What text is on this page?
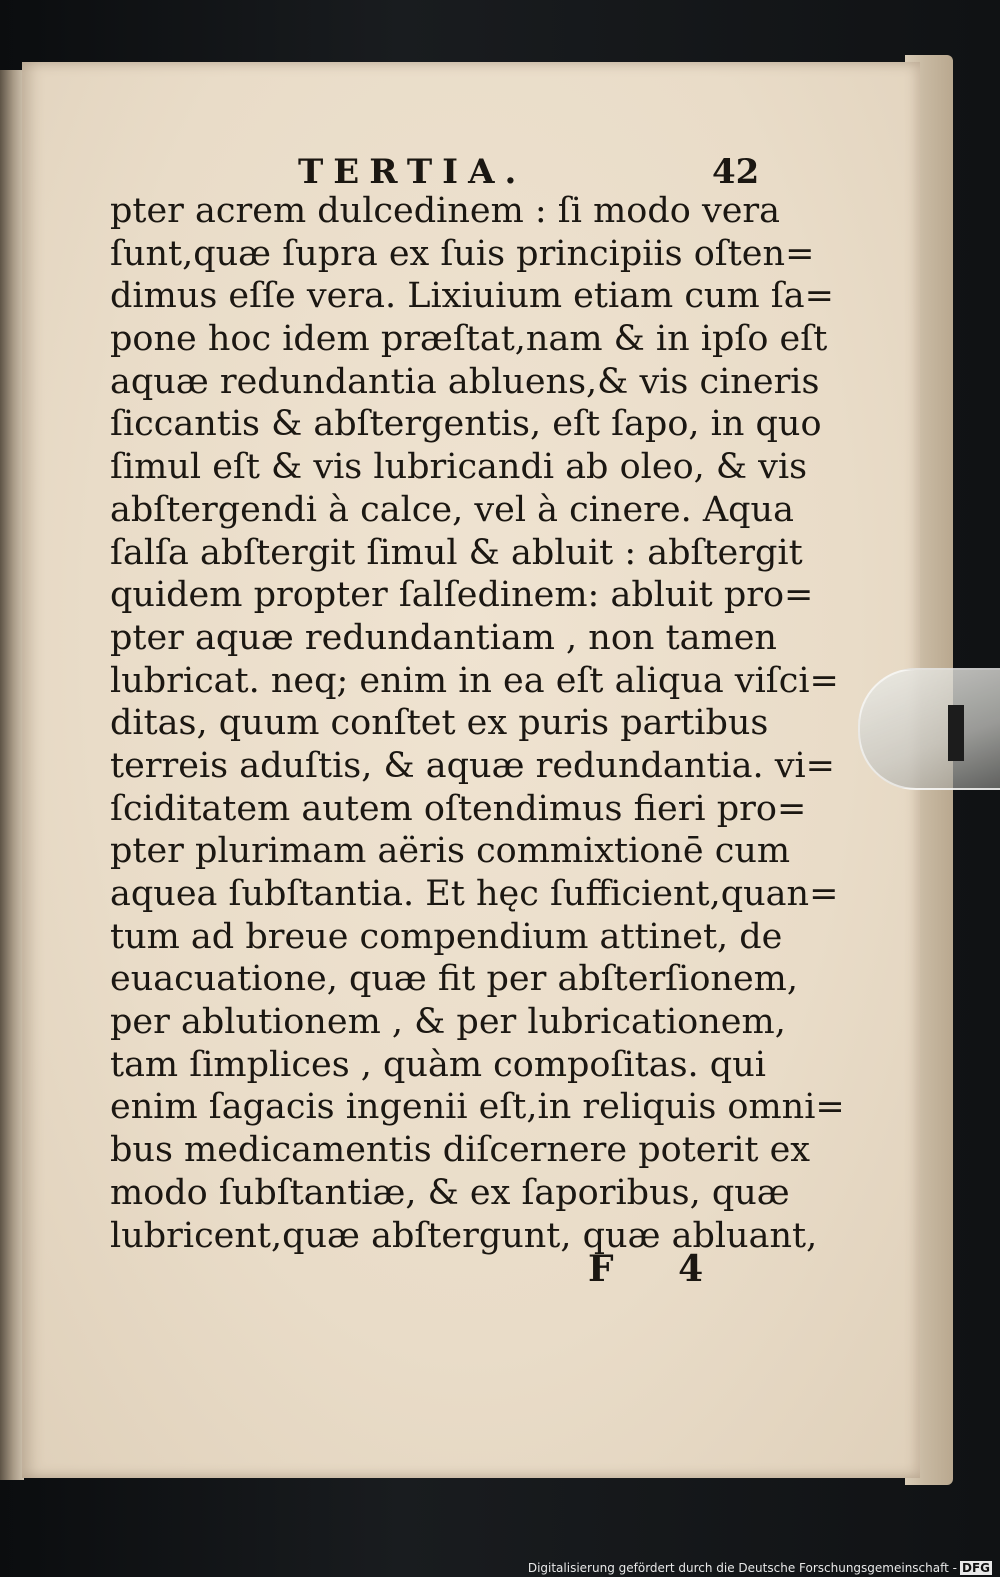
TERTIA.	42
pter acrem dulcedinem : ſi modo vera
ſunt,quæ ſupra ex ſuis principiis oſten=
dimus eſſe vera. Lixiuium etiam cum ſa=
pone hoc idem præſtat,nam & in ipſo eſt
aquæ redundantia abluens,& vis cineris
ſiccantis & abſtergentis, eſt ſapo, in quo
ſimul eſt & vis lubricandi ab oleo, & vis
abſtergendi à calce, vel à cinere. Aqua
ſalſa abſtergit ſimul & abluit : abſtergit
quidem propter ſalſedinem: abluit pro=
pter aquæ redundantiam , non tamen
lubricat. neq; enim in ea eſt aliqua viſci=
ditas, quum conſtet ex puris partibus
terreis aduſtis, & aquæ redundantia. vi=
ſciditatem autem oſtendimus fieri pro=
pter plurimam aëris commixtionē cum
aquea ſubſtantia. Et hęc ſufficient,quan=
tum ad breue compendium attinet, de
euacuatione, quæ fit per abſterſionem,
per ablutionem , & per lubricationem,
tam ſimplices , quàm compoſitas. qui
enim ſagacis ingenii eſt,in reliquis omni=
bus medicamentis diſcernere poterit ex
modo ſubſtantiæ, & ex ſaporibus, quæ
lubricent,quæ abſtergunt, quæ abluant,
F 4
Digitalisierung gefördert durch die Deutsche Forschungsgemeinschaft - DFG
